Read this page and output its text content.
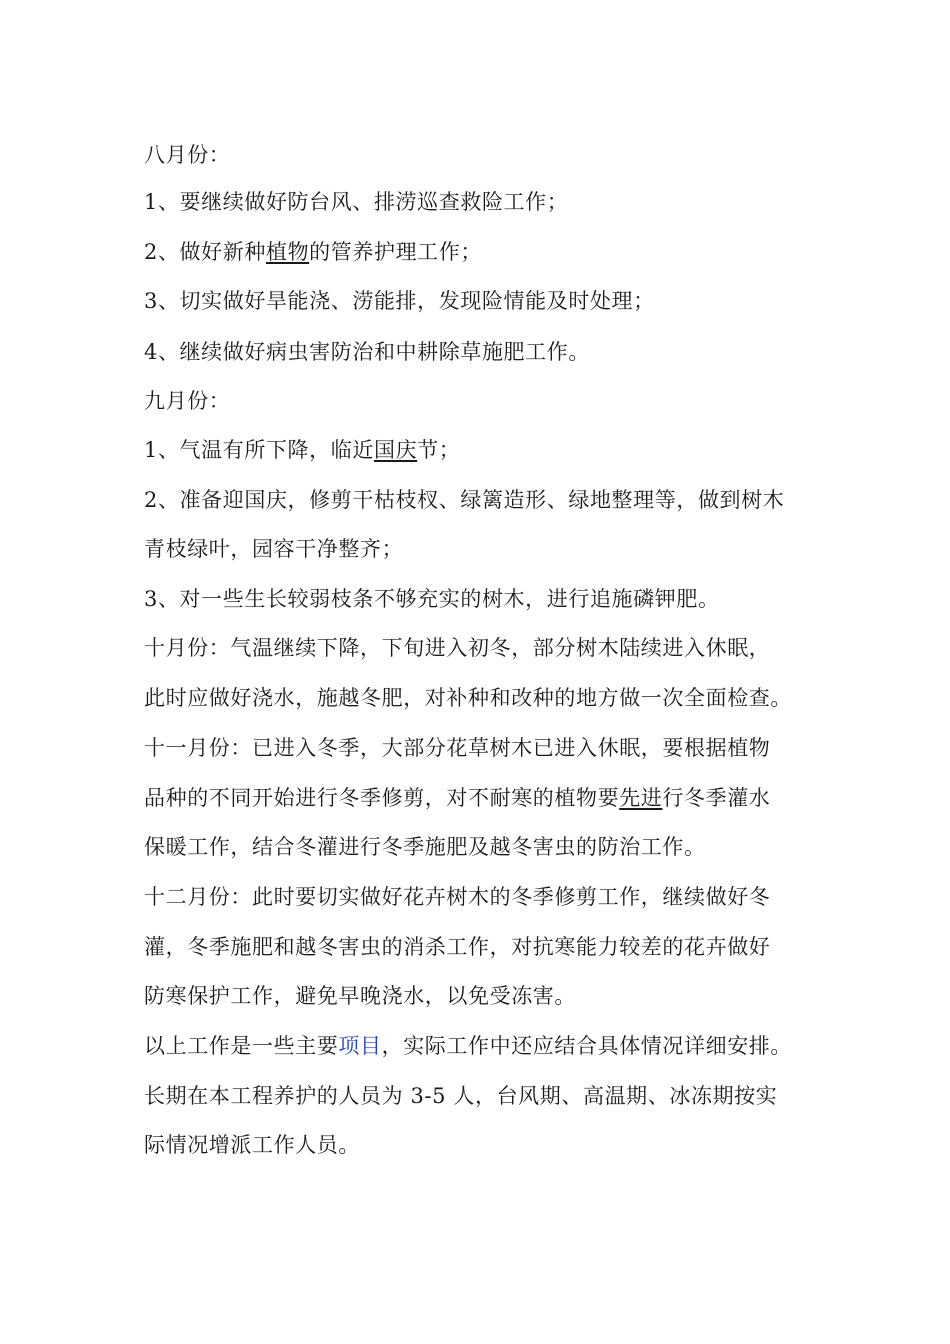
八月份：
1、要继续做好防台风、排涝巡查救险工作；
2、做好新种植物的管养护理工作；
3、切实做好旱能浇、涝能排，发现险情能及时处理；
4、继续做好病虫害防治和中耕除草施肥工作。
九月份：
1、气温有所下降，临近国庆节；
2、准备迎国庆，修剪干枯枝杈、绿篱造形、绿地整理等，做到树木
青枝绿叶，园容干净整齐；
3、对一些生长较弱枝条不够充实的树木，进行追施磷钾肥。
十月份：气温继续下降，下旬进入初冬，部分树木陆续进入休眠，
此时应做好浇水，施越冬肥，对补种和改种的地方做一次全面检查。
十一月份：已进入冬季，大部分花草树木已进入休眠，要根据植物
品种的不同开始进行冬季修剪，对不耐寒的植物要先进行冬季灌水
保暖工作，结合冬灌进行冬季施肥及越冬害虫的防治工作。
十二月份：此时要切实做好花卉树木的冬季修剪工作，继续做好冬
灌，冬季施肥和越冬害虫的消杀工作，对抗寒能力较差的花卉做好
防寒保护工作，避免早晚浇水，以免受冻害。
以上工作是一些主要项目，实际工作中还应结合具体情况详细安排。
长期在本工程养护的人员为 3-5 人，台风期、高温期、冰冻期按实
际情况增派工作人员。
